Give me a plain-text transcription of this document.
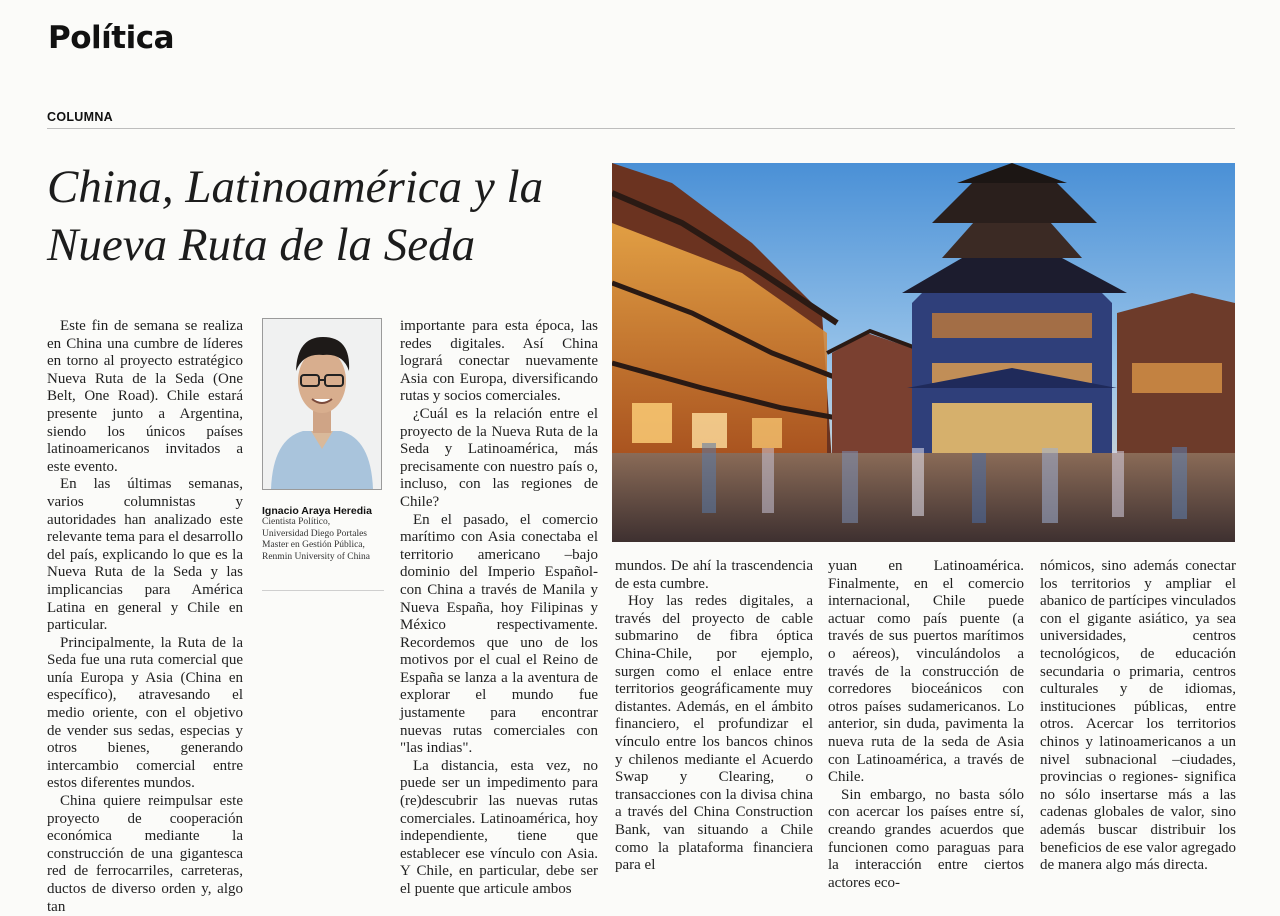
Política
COLUMNA
China, Latinoamérica y la Nueva Ruta de la Seda

Este fin de semana se realiza en China una cumbre de líderes en torno al proyecto estratégico Nueva Ruta de la Seda (One Belt, One Road). Chile estará presente junto a Argentina, siendo los únicos países latinoamericanos invitados a este evento.

En las últimas semanas, varios columnistas y autoridades han analizado este relevante tema para el desarrollo del país, explicando lo que es la Nueva Ruta de la Seda y las implicancias para América Latina en general y Chile en particular.

Principalmente, la Ruta de la Seda fue una ruta comercial que unía Europa y Asia (China en específico), atravesando el medio oriente, con el objetivo de vender sus sedas, especias y otros bienes, generando intercambio comercial entre estos diferentes mundos.

China quiere reimpulsar este proyecto de cooperación económica mediante la construcción de una gigantesca red de ferrocarriles, carreteras, ductos de diverso orden y, algo tan

Ignacio Araya Heredia
Cientista Político,
Universidad Diego Portales
Master en Gestión Pública,
Renmin University of China

importante para esta época, las redes digitales. Así China logrará conectar nuevamente Asia con Europa, diversificando rutas y socios comerciales.

¿Cuál es la relación entre el proyecto de la Nueva Ruta de la Seda y Latinoamérica, más precisamente con nuestro país o, incluso, con las regiones de Chile?

En el pasado, el comercio marítimo con Asia conectaba el territorio americano –bajo dominio del Imperio Español- con China a través de Manila y Nueva España, hoy Filipinas y México respectivamente. Recordemos que uno de los motivos por el cual el Reino de España se lanza a la aventura de explorar el mundo fue justamente para encontrar nuevas rutas comerciales con "las indias".

La distancia, esta vez, no puede ser un impedimento para (re)descubrir las nuevas rutas comerciales. Latinoamérica, hoy independiente, tiene que establecer ese vínculo con Asia. Y Chile, en particular, debe ser el puente que articule ambos

mundos. De ahí la trascendencia de esta cumbre.

Hoy las redes digitales, a través del proyecto de cable submarino de fibra óptica China-Chile, por ejemplo, surgen como el enlace entre territorios geográficamente muy distantes. Además, en el ámbito financiero, el profundizar el vínculo entre los bancos chinos y chilenos mediante el Acuerdo Swap y Clearing, o transacciones con la divisa china a través del China Construction Bank, van situando a Chile como la plataforma financiera para el

yuan en Latinoamérica. Finalmente, en el comercio internacional, Chile puede actuar como país puente (a través de sus puertos marítimos o aéreos), vinculándolos a través de la construcción de corredores bioceánicos con otros países sudamericanos. Lo anterior, sin duda, pavimenta la nueva ruta de la seda de Asia con Latinoamérica, a través de Chile.

Sin embargo, no basta sólo con acercar los países entre sí, creando grandes acuerdos que funcionen como paraguas para la interacción entre ciertos actores eco-

nómicos, sino además conectar los territorios y ampliar el abanico de partícipes vinculados con el gigante asiático, ya sea universidades, centros tecnológicos, de educación secundaria o primaria, centros culturales y de idiomas, instituciones públicas, entre otros. Acercar los territorios chinos y latinoamericanos a un nivel subnacional –ciudades, provincias o regiones- significa no sólo insertarse más a las cadenas globales de valor, sino además buscar distribuir los beneficios de ese valor agregado de manera algo más directa.
